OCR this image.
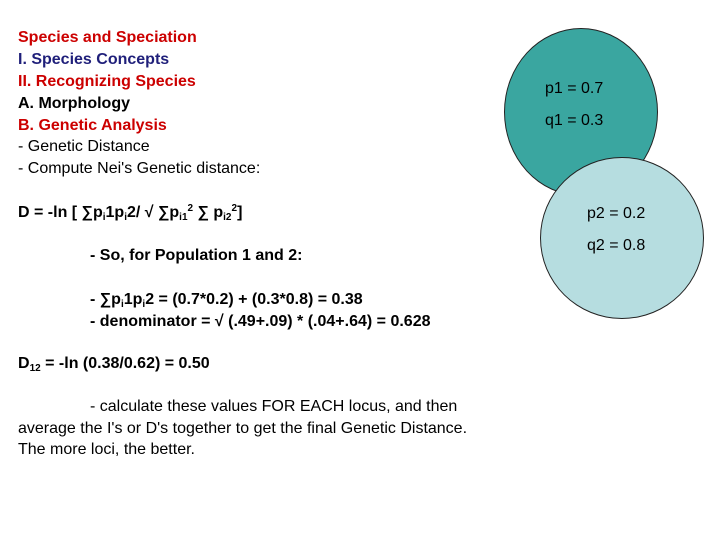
Species and Speciation
I. Species Concepts
II. Recognizing Species
A. Morphology
B. Genetic Analysis
- Genetic Distance
- Compute Nei's Genetic distance:
D = -ln [ $\sum p_i1p_i2/$ √ $\sum p_{i1}^2$ ∑ $p_{i2}^2$]
- So, for Population 1 and 2:
- $\sum p_i1p_i2 = (0.7*0.2) + (0.3*0.8) = 0.38$
- denominator = √ (.49+.09) * (.04+.64) = 0.628
$D_{12} = -\ln$ (0.38/0.62) = 0.50
- calculate these values FOR EACH locus, and then average the I's or D's together to get the final Genetic Distance. The more loci, the better.
p1 = 0.7
q1 = 0.3
p2 = 0.2
q2 = 0.8
